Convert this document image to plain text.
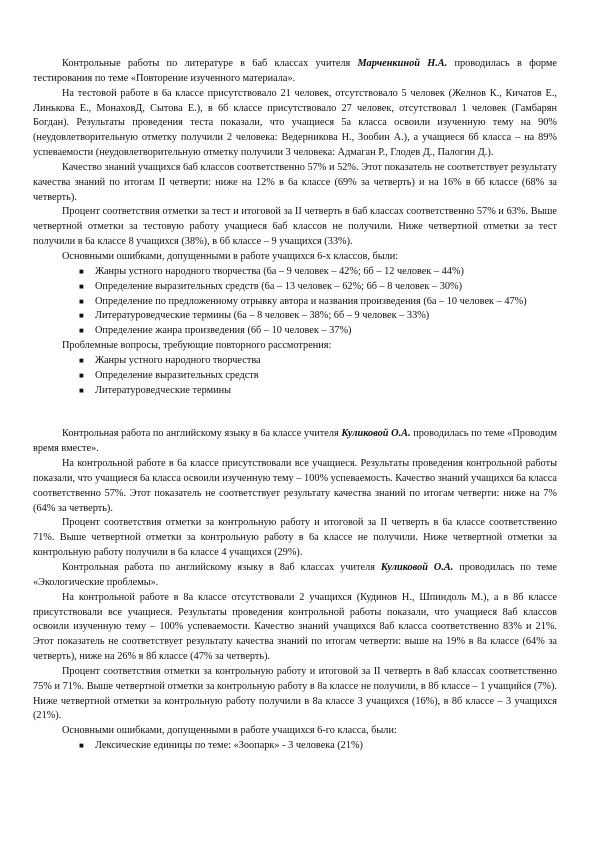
Контрольные работы по литературе в 6аб классах учителя Марченкиной Н.А. проводилась в форме тестирования по теме «Повторение изученного материала».

На тестовой работе в 6а классе присутствовало 21 человек, отсутствовало 5 человек (Желнов К., Кичатов Е., Линькова Е., МонаховД, Сытова Е.), в 6б классе присутствовало 27 человек, отсутствовал 1 человек (Гамбарян Богдан). Результаты проведения теста показали, что учащиеся 5а класса освоили изученную тему на 90% (неудовлетворительную отметку получили 2 человека: Ведерникова Н., Зообин А.), а учащиеся 6б класса – на 89% успеваемости (неудовлетворительную отметку получили 3 человека: Адмаган Р., Глодев Д., Палогин Д.).

Качество знаний учащихся 6аб классов соответственно 57% и 52%. Этот показатель не соответствует результату качества знаний по итогам II четверти: ниже на 12% в 6а классе (69% за четверть) и на 16% в 6б классе (68% за четверть).

Процент соответствия отметки за тест и итоговой за II четверть в 6аб классах соответственно 57% и 63%. Выше четвертной отметки за тестовую работу учащиеся 6аб классов не получили. Ниже четвертной отметки за тест получили в 6а классе 8 учащихся (38%), в 6б классе – 9 учащихся (33%).

Основными ошибками, допущенными в работе учащихся 6-х классов, были:

■ Жанры устного народного творчества (6а – 9 человек – 42%; 6б – 12 человек – 44%)
■ Определение выразительных средств (6а – 13 человек – 62%; 6б – 8 человек – 30%)
■ Определение по предложенному отрывку автора и названия произведения (6а – 10 человек – 47%)
■ Литературоведческие термины (6а – 8 человек – 38%; 6б – 9 человек – 33%)
■ Определение жанра произведения (6б – 10 человек – 37%)

Проблемные вопросы, требующие повторного рассмотрения:

■ Жанры устного народного творчества
■ Определение выразительных средств
■ Литературоведческие термины

Контрольная работа по английскому языку в 6а классе учителя Куликовой О.А. проводилась по теме «Проводим время вместе».

На контрольной работе в 6а классе присутствовали все учащиеся. Результаты проведения контрольной работы показали, что учащиеся 6а класса освоили изученную тему – 100% успеваемость. Качество знаний учащихся 6а класса соответственно 57%. Этот показатель не соответствует результату качества знаний по итогам четверти: ниже на 7% (64% за четверть).

Процент соответствия отметки за контрольную работу и итоговой за II четверть в 6а классе соответственно 71%. Выше четвертной отметки за контрольную работу в 6а классе не получили. Ниже четвертной отметки за контрольную работу получили в 6а классе 4 учащихся (29%).

Контрольная работа по английскому языку в 8аб классах учителя Куликовой О.А. проводилась по теме «Экологические проблемы».

На контрольной работе в 8а классе отсутствовали 2 учащихся (Кудинов Н., Шпиндоль М.), а в 8б классе присутствовали все учащиеся. Результаты проведения контрольной работы показали, что учащиеся 8аб классов освоили изученную тему – 100% успеваемости. Качество знаний учащихся 8аб класса соответственно 83% и 21%. Этот показатель не соответствует результату качества знаний по итогам четверти: выше на 19% в 8а классе (64% за четверть), ниже на 26% в 8б классе (47% за четверть).

Процент соответствия отметки за контрольную работу и итоговой за II четверть в 8аб классах соответственно 75% и 71%. Выше четвертной отметки за контрольную работу в 8а классе не получили, в 8б классе – 1 учащийся (7%). Ниже четвертной отметки за контрольную работу получили в 8а классе 3 учащихся (16%), в 8б классе – 3 учащихся (21%).

Основными ошибками, допущенными в работе учащихся 6-го класса, были:

■ Лексические единицы по теме: «Зоопарк» - 3 человека (21%)
